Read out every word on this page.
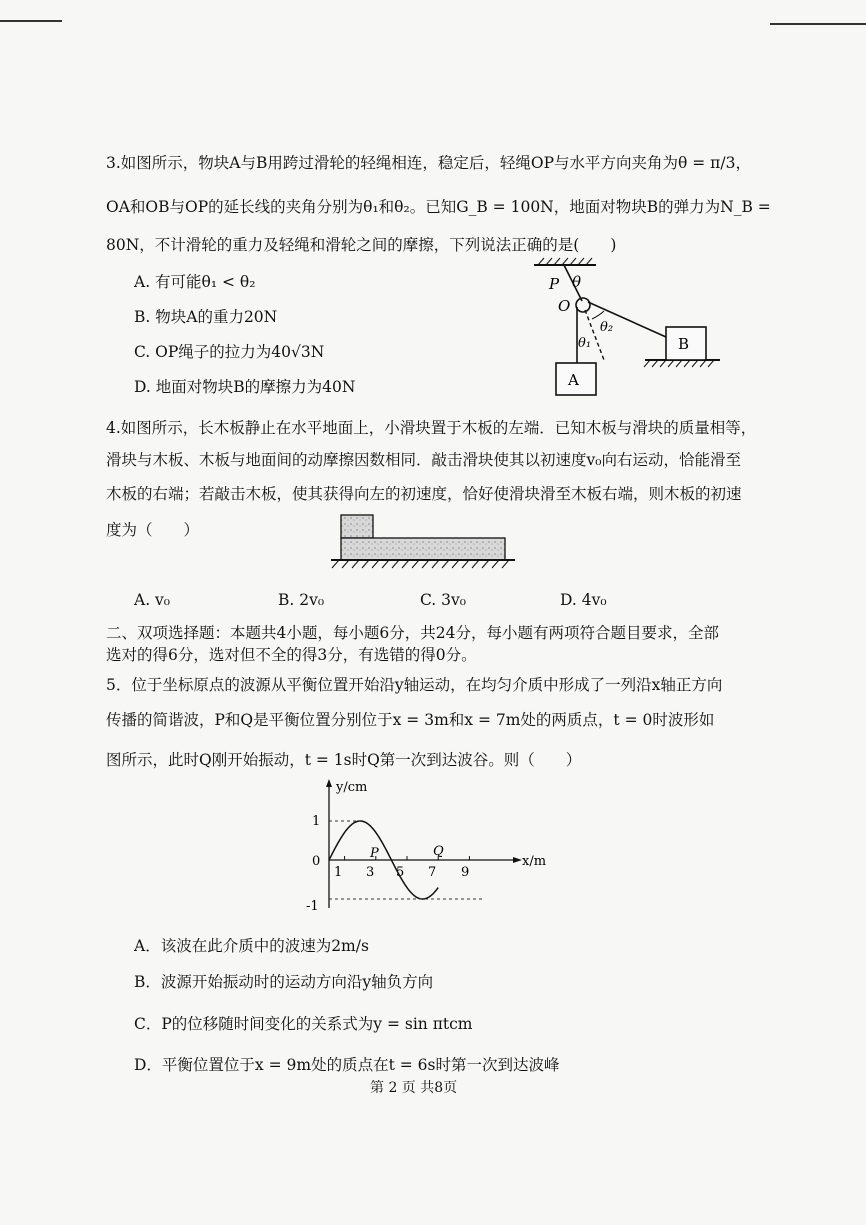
3.如图所示，物块A与B用跨过滑轮的轻绳相连，稳定后，轻绳OP与水平方向夹角为θ = π/3，
OA和OB与OP的延长线的夹角分别为θ₁和θ₂。已知G_B = 100N，地面对物块B的弹力为N_B =
80N，不计滑轮的重力及轻绳和滑轮之间的摩擦，下列说法正确的是(　　)
A. 有可能θ₁ < θ₂
B. 物块A的重力20N
C. OP绳子的拉力为40√3N
D. 地面对物块B的摩擦力为40N
P θ
O
θ₂
θ₁	B
A
4.如图所示，长木板静止在水平地面上，小滑块置于木板的左端．已知木板与滑块的质量相等，
滑块与木板、木板与地面间的动摩擦因数相同．敲击滑块使其以初速度v₀向右运动，恰能滑至
木板的右端；若敲击木板，使其获得向左的初速度，恰好使滑块滑至木板右端，则木板的初速
度为（　　）
A. v₀	B. 2v₀	C. 3v₀	D. 4v₀
二、双项选择题：本题共4小题，每小题6分，共24分，每小题有两项符合题目要求，全部
选对的得6分，选对但不全的得3分，有选错的得0分。
5．位于坐标原点的波源从平衡位置开始沿y轴运动，在均匀介质中形成了一列沿x轴正方向
传播的简谐波，P和Q是平衡位置分别位于x = 3m和x = 7m处的两质点，t = 0时波形如
图所示，此时Q刚开始振动，t = 1s时Q第一次到达波谷。则（　　）
y/cm
x/m
1
0
-1
1 3 5 7 9
P	Q
A．该波在此介质中的波速为2m/s
B．波源开始振动时的运动方向沿y轴负方向
C．P的位移随时间变化的关系式为y = sin πtcm
D．平衡位置位于x = 9m处的质点在t = 6s时第一次到达波峰
第 2 页 共8页
